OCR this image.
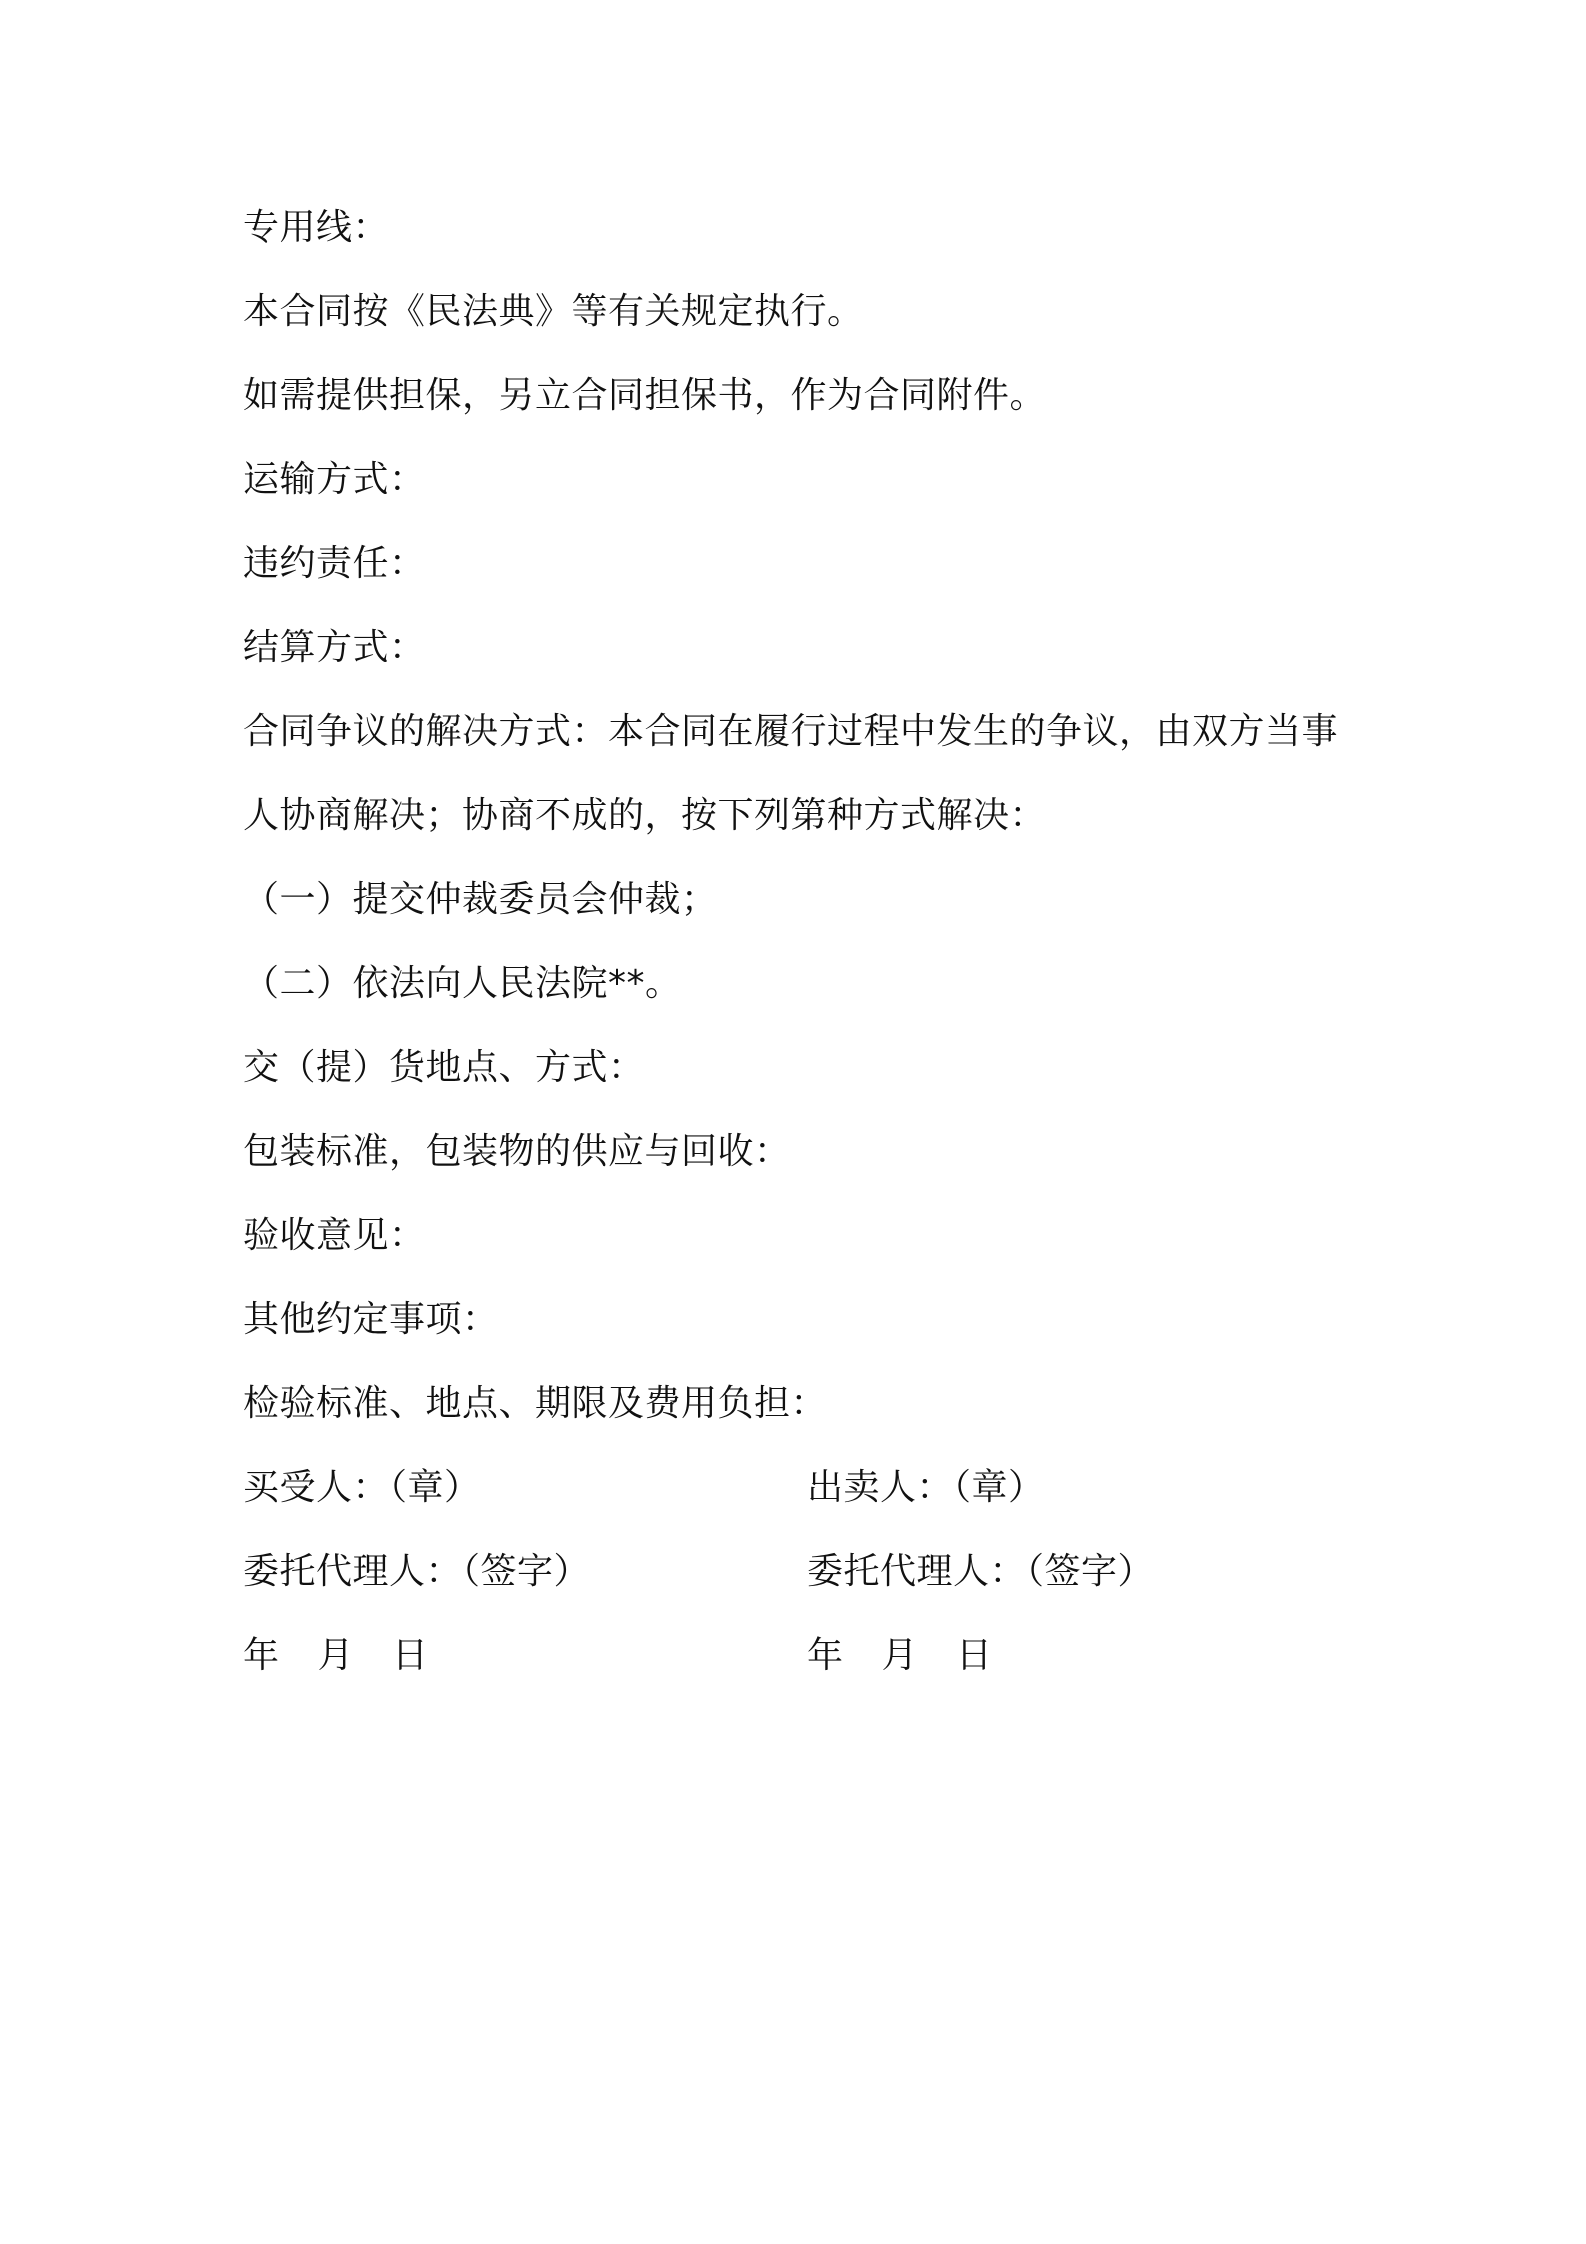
专用线：
本合同按《民法典》等有关规定执行。
如需提供担保，另立合同担保书，作为合同附件。
运输方式：
违约责任：
结算方式：
合同争议的解决方式：本合同在履行过程中发生的争议，由双方当事
人协商解决；协商不成的，按下列第种方式解决：
（一）提交仲裁委员会仲裁；
（二）依法向人民法院**。
交（提）货地点、方式：
包装标准，包装物的供应与回收：
验收意见：
其他约定事项：
检验标准、地点、期限及费用负担：
买受人：（章）
委托代理人：（签字）
年 月 日
出卖人：（章）
委托代理人：（签字）
年 月 日
